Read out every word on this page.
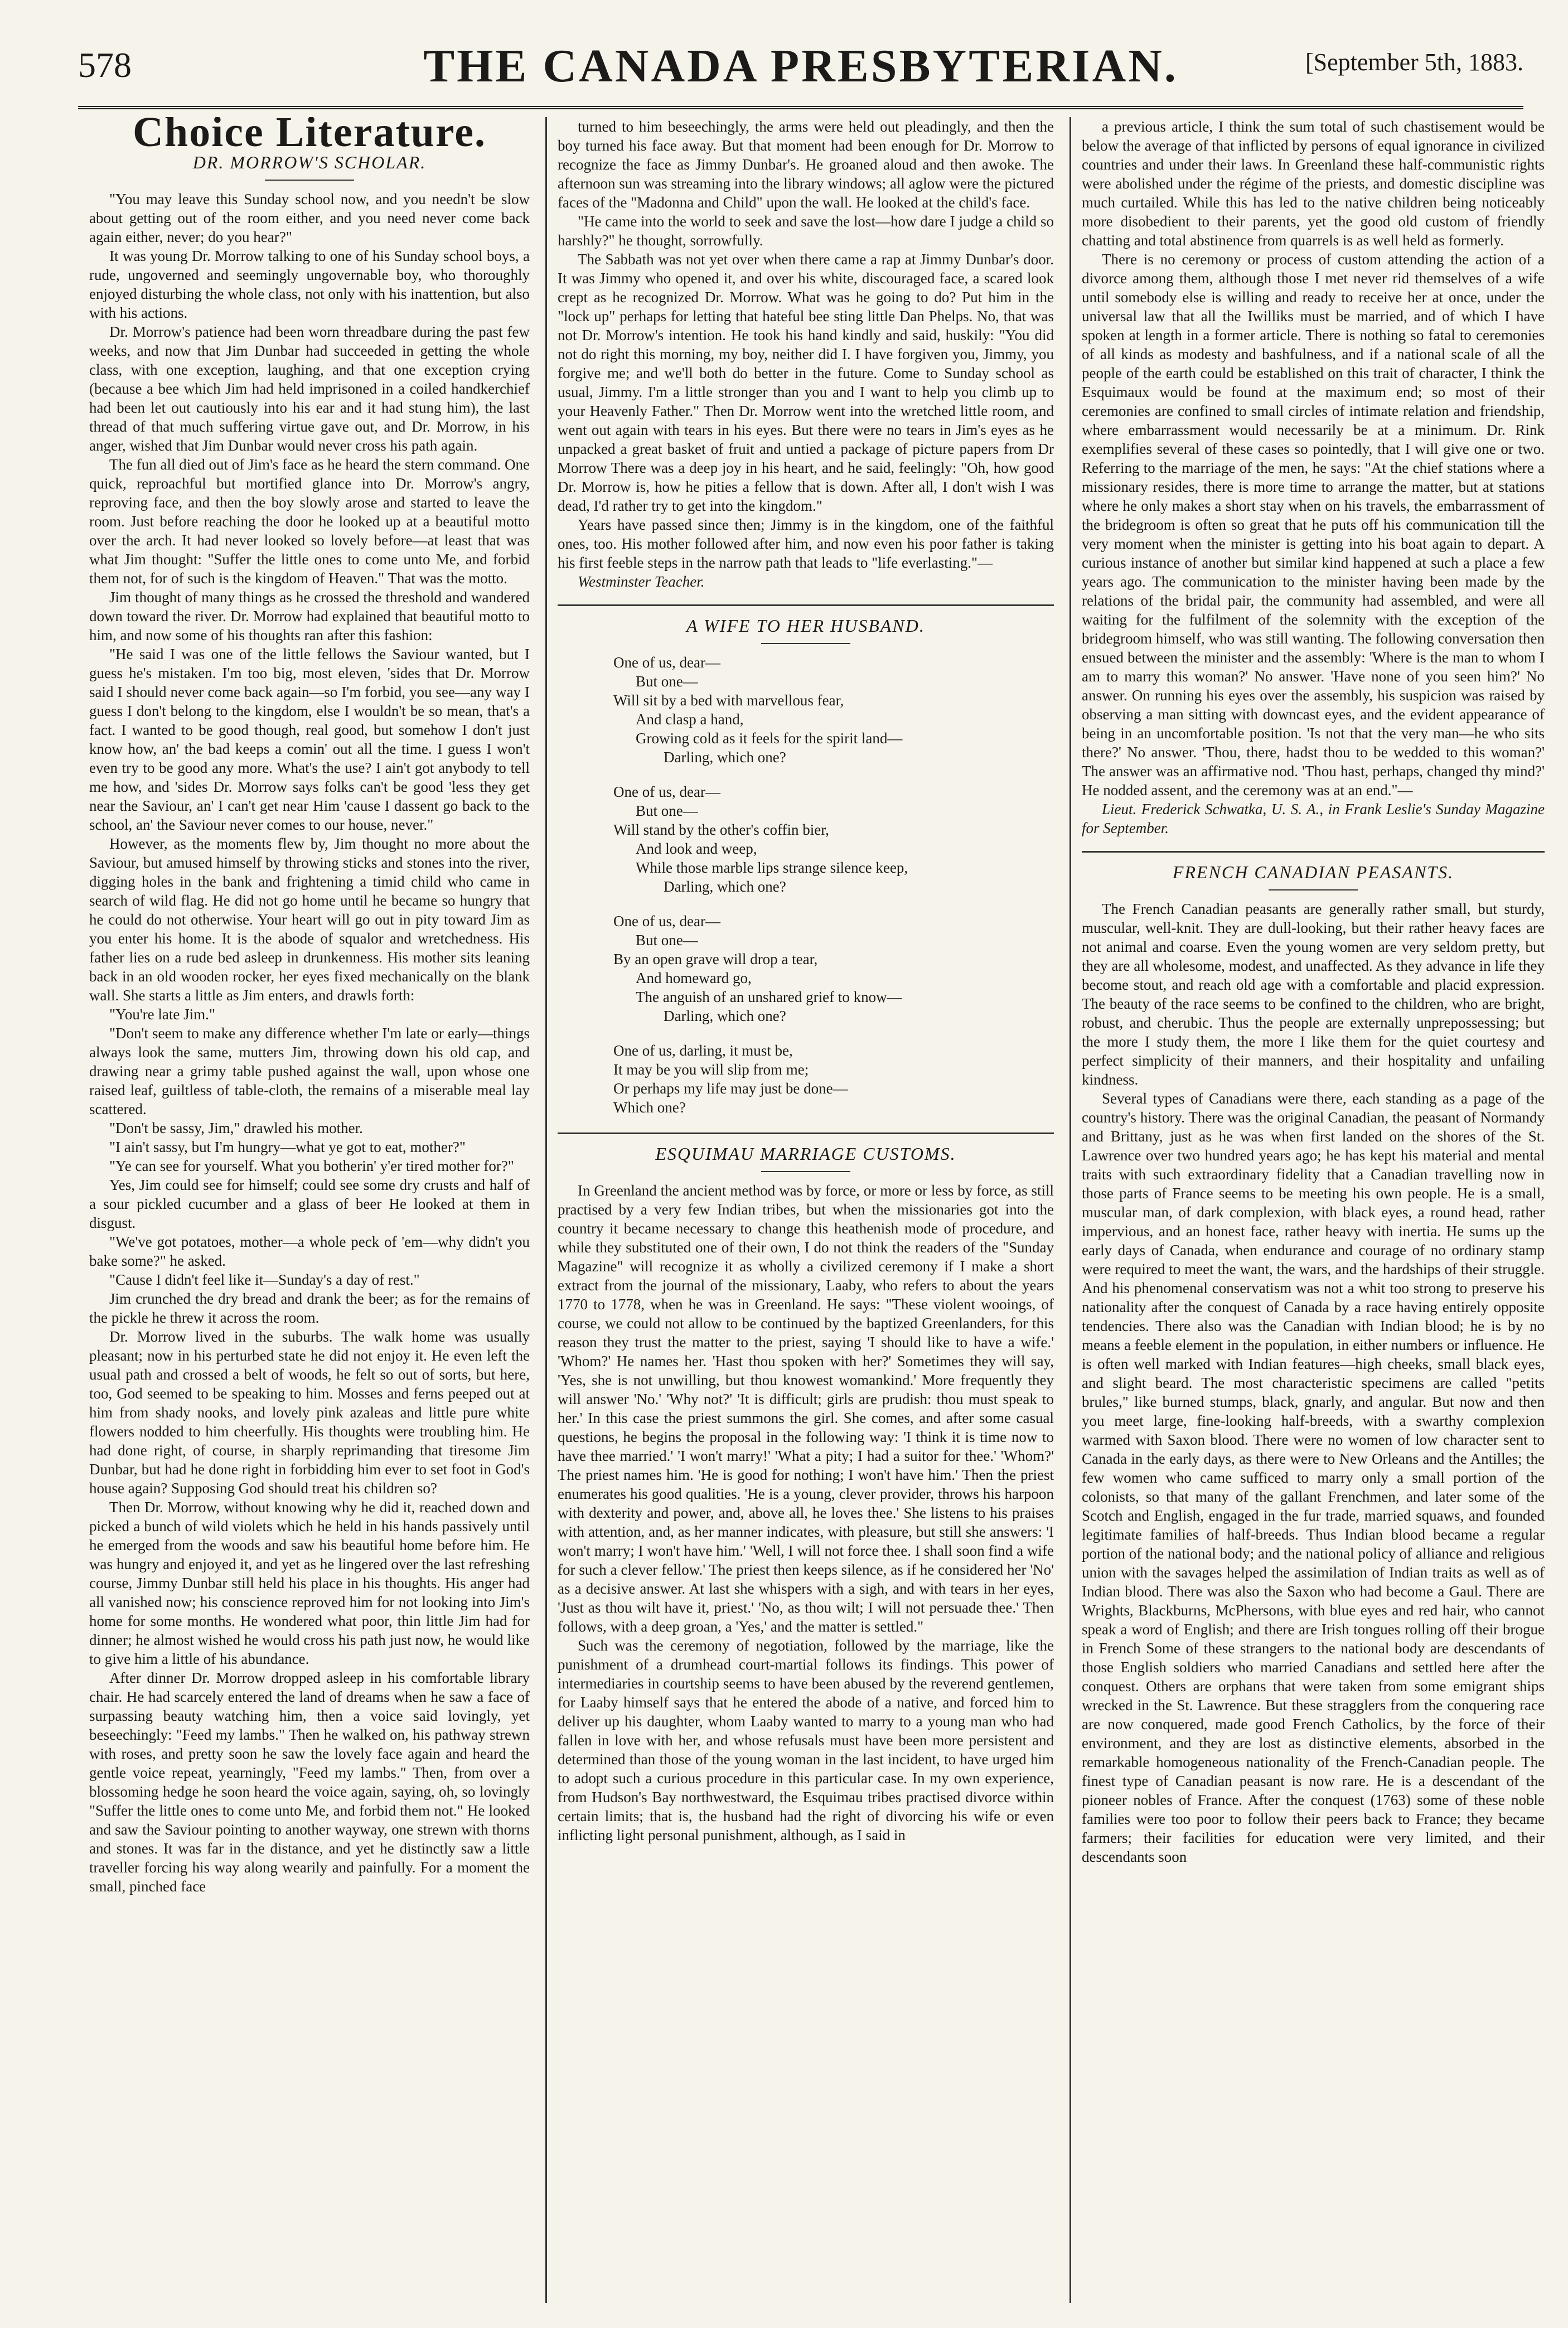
578	THE CANADA PRESBYTERIAN.	[September 5th, 1883.
Choice Literature.
DR. MORROW'S SCHOLAR.

"You may leave this Sunday school now, and you needn't be slow about getting out of the room either, and you need never come back again either, never; do you hear?"

It was young Dr. Morrow talking to one of his Sunday school boys, a rude, ungoverned and seemingly ungovernable boy, who thoroughly enjoyed disturbing the whole class, not only with his inattention, but also with his actions.

Dr. Morrow's patience had been worn threadbare during the past few weeks, and now that Jim Dunbar had succeeded in getting the whole class, with one exception, laughing, and that one exception crying (because a bee which Jim had held imprisoned in a coiled handkerchief had been let out cautiously into his ear and it had stung him), the last thread of that much suffering virtue gave out, and Dr. Morrow, in his anger, wished that Jim Dunbar would never cross his path again.

The fun all died out of Jim's face as he heard the stern command. One quick, reproachful but mortified glance into Dr. Morrow's angry, reproving face, and then the boy slowly arose and started to leave the room. Just before reaching the door he looked up at a beautiful motto over the arch. It had never looked so lovely before—at least that was what Jim thought: "Suffer the little ones to come unto Me, and forbid them not, for of such is the kingdom of Heaven." That was the motto.

Jim thought of many things as he crossed the threshold and wandered down toward the river. Dr. Morrow had explained that beautiful motto to him, and now some of his thoughts ran after this fashion:

"He said I was one of the little fellows the Saviour wanted, but I guess he's mistaken. I'm too big, most eleven, 'sides that Dr. Morrow said I should never come back again—so I'm forbid, you see—any way I guess I don't belong to the kingdom, else I wouldn't be so mean, that's a fact. I wanted to be good though, real good, but somehow I don't just know how, an' the bad keeps a comin' out all the time. I guess I won't even try to be good any more. What's the use? I ain't got anybody to tell me how, and 'sides Dr. Morrow says folks can't be good 'less they get near the Saviour, an' I can't get near Him 'cause I dassent go back to the school, an' the Saviour never comes to our house, never."

However, as the moments flew by, Jim thought no more about the Saviour, but amused himself by throwing sticks and stones into the river, digging holes in the bank and frightening a timid child who came in search of wild flag. He did not go home until he became so hungry that he could do not otherwise. Your heart will go out in pity toward Jim as you enter his home. It is the abode of squalor and wretchedness. His father lies on a rude bed asleep in drunkenness. His mother sits leaning back in an old wooden rocker, her eyes fixed mechanically on the blank wall. She starts a little as Jim enters, and drawls forth:

"You're late Jim."

"Don't seem to make any difference whether I'm late or early—things always look the same, mutters Jim, throwing down his old cap, and drawing near a grimy table pushed against the wall, upon whose one raised leaf, guiltless of table-cloth, the remains of a miserable meal lay scattered.

"Don't be sassy, Jim," drawled his mother.

"I ain't sassy, but I'm hungry—what ye got to eat, mother?"

"Ye can see for yourself. What you botherin' y'er tired mother for?"

Yes, Jim could see for himself; could see some dry crusts and half of a sour pickled cucumber and a glass of beer He looked at them in disgust.

"We've got potatoes, mother—a whole peck of 'em—why didn't you bake some?" he asked.

"Cause I didn't feel like it—Sunday's a day of rest."

Jim crunched the dry bread and drank the beer; as for the remains of the pickle he threw it across the room.

Dr. Morrow lived in the suburbs. The walk home was usually pleasant; now in his perturbed state he did not enjoy it. He even left the usual path and crossed a belt of woods, he felt so out of sorts, but here, too, God seemed to be speaking to him. Mosses and ferns peeped out at him from shady nooks, and lovely pink azaleas and little pure white flowers nodded to him cheerfully. His thoughts were troubling him. He had done right, of course, in sharply reprimanding that tiresome Jim Dunbar, but had he done right in forbidding him ever to set foot in God's house again? Supposing God should treat his children so?

Then Dr. Morrow, without knowing why he did it, reached down and picked a bunch of wild violets which he held in his hands passively until he emerged from the woods and saw his beautiful home before him. He was hungry and enjoyed it, and yet as he lingered over the last refreshing course, Jimmy Dunbar still held his place in his thoughts. His anger had all vanished now; his conscience reproved him for not looking into Jim's home for some months. He wondered what poor, thin little Jim had for dinner; he almost wished he would cross his path just now, he would like to give him a little of his abundance.

After dinner Dr. Morrow dropped asleep in his comfortable library chair. He had scarcely entered the land of dreams when he saw a face of surpassing beauty watching him, then a voice said lovingly, yet beseechingly: "Feed my lambs." Then he walked on, his pathway strewn with roses, and pretty soon he saw the lovely face again and heard the gentle voice repeat, yearningly, "Feed my lambs." Then, from over a blossoming hedge he soon heard the voice again, saying, oh, so lovingly "Suffer the little ones to come unto Me, and forbid them not." He looked and saw the Saviour pointing to another wayway, one strewn with thorns and stones. It was far in the distance, and yet he distinctly saw a little traveller forcing his way along wearily and painfully. For a moment the small, pinched face

turned to him beseechingly, the arms were held out pleadingly, and then the boy turned his face away. But that moment had been enough for Dr. Morrow to recognize the face as Jimmy Dunbar's. He groaned aloud and then awoke. The afternoon sun was streaming into the library windows; all aglow were the pictured faces of the "Madonna and Child" upon the wall. He looked at the child's face.

"He came into the world to seek and save the lost—how dare I judge a child so harshly?" he thought, sorrowfully.

The Sabbath was not yet over when there came a rap at Jimmy Dunbar's door. It was Jimmy who opened it, and over his white, discouraged face, a scared look crept as he recognized Dr. Morrow. What was he going to do? Put him in the "lock up" perhaps for letting that hateful bee sting little Dan Phelps. No, that was not Dr. Morrow's intention. He took his hand kindly and said, huskily: "You did not do right this morning, my boy, neither did I. I have forgiven you, Jimmy, you forgive me; and we'll both do better in the future. Come to Sunday school as usual, Jimmy. I'm a little stronger than you and I want to help you climb up to your Heavenly Father." Then Dr. Morrow went into the wretched little room, and went out again with tears in his eyes. But there were no tears in Jim's eyes as he unpacked a great basket of fruit and untied a package of picture papers from Dr Morrow There was a deep joy in his heart, and he said, feelingly: "Oh, how good Dr. Morrow is, how he pities a fellow that is down. After all, I don't wish I was dead, I'd rather try to get into the kingdom."

Years have passed since then; Jimmy is in the kingdom, one of the faithful ones, too. His mother followed after him, and now even his poor father is taking his first feeble steps in the narrow path that leads to "life everlasting."—

Westminster Teacher.

A WIFE TO HER HUSBAND.
One of us, dear—
But one—
Will sit by a bed with marvellous fear,
And clasp a hand,
Growing cold as it feels for the spirit land—
Darling, which one?
One of us, dear—
But one—
Will stand by the other's coffin bier,
And look and weep,
While those marble lips strange silence keep,
Darling, which one?
One of us, dear—
But one—
By an open grave will drop a tear,
And homeward go,
The anguish of an unshared grief to know—
Darling, which one?
One of us, darling, it must be,
It may be you will slip from me;
Or perhaps my life may just be done—
Which one?
ESQUIMAU MARRIAGE CUSTOMS.

In Greenland the ancient method was by force, or more or less by force, as still practised by a very few Indian tribes, but when the missionaries got into the country it became necessary to change this heathenish mode of procedure, and while they substituted one of their own, I do not think the readers of the "Sunday Magazine" will recognize it as wholly a civilized ceremony if I make a short extract from the journal of the missionary, Laaby, who refers to about the years 1770 to 1778, when he was in Greenland. He says: "These violent wooings, of course, we could not allow to be continued by the baptized Greenlanders, for this reason they trust the matter to the priest, saying 'I should like to have a wife.' 'Whom?' He names her. 'Hast thou spoken with her?' Sometimes they will say, 'Yes, she is not unwilling, but thou knowest womankind.' More frequently they will answer 'No.' 'Why not?' 'It is difficult; girls are prudish: thou must speak to her.' In this case the priest summons the girl. She comes, and after some casual questions, he begins the proposal in the following way: 'I think it is time now to have thee married.' 'I won't marry!' 'What a pity; I had a suitor for thee.' 'Whom?' The priest names him. 'He is good for nothing; I won't have him.' Then the priest enumerates his good qualities. 'He is a young, clever provider, throws his harpoon with dexterity and power, and, above all, he loves thee.' She listens to his praises with attention, and, as her manner indicates, with pleasure, but still she answers: 'I won't marry; I won't have him.' 'Well, I will not force thee. I shall soon find a wife for such a clever fellow.' The priest then keeps silence, as if he considered her 'No' as a decisive answer. At last she whispers with a sigh, and with tears in her eyes, 'Just as thou wilt have it, priest.' 'No, as thou wilt; I will not persuade thee.' Then follows, with a deep groan, a 'Yes,' and the matter is settled."

Such was the ceremony of negotiation, followed by the marriage, like the punishment of a drumhead court-martial follows its findings. This power of intermediaries in courtship seems to have been abused by the reverend gentlemen, for Laaby himself says that he entered the abode of a native, and forced him to deliver up his daughter, whom Laaby wanted to marry to a young man who had fallen in love with her, and whose refusals must have been more persistent and determined than those of the young woman in the last incident, to have urged him to adopt such a curious procedure in this particular case. In my own experience, from Hudson's Bay northwestward, the Esquimau tribes practised divorce within certain limits; that is, the husband had the right of divorcing his wife or even inflicting light personal punishment, although, as I said in

a previous article, I think the sum total of such chastisement would be below the average of that inflicted by persons of equal ignorance in civilized countries and under their laws. In Greenland these half-communistic rights were abolished under the régime of the priests, and domestic discipline was much curtailed. While this has led to the native children being noticeably more disobedient to their parents, yet the good old custom of friendly chatting and total abstinence from quarrels is as well held as formerly.

There is no ceremony or process of custom attending the action of a divorce among them, although those I met never rid themselves of a wife until somebody else is willing and ready to receive her at once, under the universal law that all the Iwilliks must be married, and of which I have spoken at length in a former article. There is nothing so fatal to ceremonies of all kinds as modesty and bashfulness, and if a national scale of all the people of the earth could be established on this trait of character, I think the Esquimaux would be found at the maximum end; so most of their ceremonies are confined to small circles of intimate relation and friendship, where embarrassment would necessarily be at a minimum. Dr. Rink exemplifies several of these cases so pointedly, that I will give one or two. Referring to the marriage of the men, he says: "At the chief stations where a missionary resides, there is more time to arrange the matter, but at stations where he only makes a short stay when on his travels, the embarrassment of the bridegroom is often so great that he puts off his communication till the very moment when the minister is getting into his boat again to depart. A curious instance of another but similar kind happened at such a place a few years ago. The communication to the minister having been made by the relations of the bridal pair, the community had assembled, and were all waiting for the fulfilment of the solemnity with the exception of the bridegroom himself, who was still wanting. The following conversation then ensued between the minister and the assembly: 'Where is the man to whom I am to marry this woman?' No answer. 'Have none of you seen him?' No answer. On running his eyes over the assembly, his suspicion was raised by observing a man sitting with downcast eyes, and the evident appearance of being in an uncomfortable position. 'Is not that the very man—he who sits there?' No answer. 'Thou, there, hadst thou to be wedded to this woman?' The answer was an affirmative nod. 'Thou hast, perhaps, changed thy mind?' He nodded assent, and the ceremony was at an end."—

Lieut. Frederick Schwatka, U. S. A., in Frank Leslie's Sunday Magazine for September.

FRENCH CANADIAN PEASANTS.

The French Canadian peasants are generally rather small, but sturdy, muscular, well-knit. They are dull-looking, but their rather heavy faces are not animal and coarse. Even the young women are very seldom pretty, but they are all wholesome, modest, and unaffected. As they advance in life they become stout, and reach old age with a comfortable and placid expression. The beauty of the race seems to be confined to the children, who are bright, robust, and cherubic. Thus the people are externally unprepossessing; but the more I study them, the more I like them for the quiet courtesy and perfect simplicity of their manners, and their hospitality and unfailing kindness.

Several types of Canadians were there, each standing as a page of the country's history. There was the original Canadian, the peasant of Normandy and Brittany, just as he was when first landed on the shores of the St. Lawrence over two hundred years ago; he has kept his material and mental traits with such extraordinary fidelity that a Canadian travelling now in those parts of France seems to be meeting his own people. He is a small, muscular man, of dark complexion, with black eyes, a round head, rather impervious, and an honest face, rather heavy with inertia. He sums up the early days of Canada, when endurance and courage of no ordinary stamp were required to meet the want, the wars, and the hardships of their struggle. And his phenomenal conservatism was not a whit too strong to preserve his nationality after the conquest of Canada by a race having entirely opposite tendencies. There also was the Canadian with Indian blood; he is by no means a feeble element in the population, in either numbers or influence. He is often well marked with Indian features—high cheeks, small black eyes, and slight beard. The most characteristic specimens are called "petits brules," like burned stumps, black, gnarly, and angular. But now and then you meet large, fine-looking half-breeds, with a swarthy complexion warmed with Saxon blood. There were no women of low character sent to Canada in the early days, as there were to New Orleans and the Antilles; the few women who came sufficed to marry only a small portion of the colonists, so that many of the gallant Frenchmen, and later some of the Scotch and English, engaged in the fur trade, married squaws, and founded legitimate families of half-breeds. Thus Indian blood became a regular portion of the national body; and the national policy of alliance and religious union with the savages helped the assimilation of Indian traits as well as of Indian blood. There was also the Saxon who had become a Gaul. There are Wrights, Blackburns, McPhersons, with blue eyes and red hair, who cannot speak a word of English; and there are Irish tongues rolling off their brogue in French Some of these strangers to the national body are descendants of those English soldiers who married Canadians and settled here after the conquest. Others are orphans that were taken from some emigrant ships wrecked in the St. Lawrence. But these stragglers from the conquering race are now conquered, made good French Catholics, by the force of their environment, and they are lost as distinctive elements, absorbed in the remarkable homogeneous nationality of the French-Canadian people. The finest type of Canadian peasant is now rare. He is a descendant of the pioneer nobles of France. After the conquest (1763) some of these noble families were too poor to follow their peers back to France; they became farmers; their facilities for education were very limited, and their descendants soon
